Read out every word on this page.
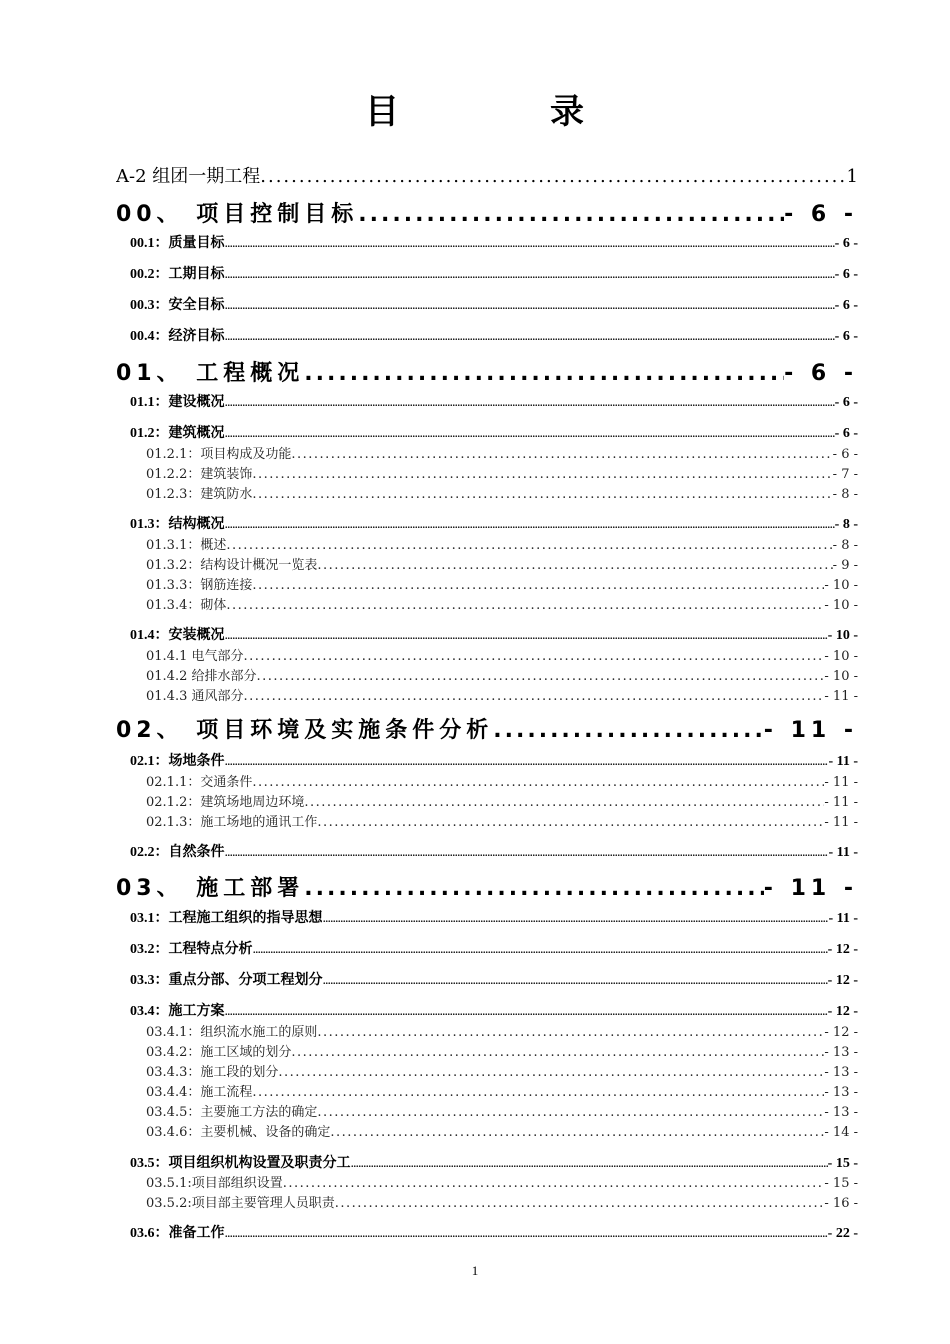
目	录
A-2 组团一期工程 .....	1
00、 项目控制目标 .....	- 6 -
00.1：质量目标 .....	- 6 -
00.2：工期目标 .....	- 6 -
00.3：安全目标 .....	- 6 -
00.4：经济目标 .....	- 6 -
01、 工程概况 .....	- 6 -
01.1：建设概况 .....	- 6 -
01.2：建筑概况 .....	- 6 -
01.2.1：项目构成及功能 .....	- 6 -
01.2.2：建筑装饰 .....	- 7 -
01.2.3：建筑防水 .....	- 8 -
01.3：结构概况 .....	- 8 -
01.3.1：概述 .....	- 8 -
01.3.2：结构设计概况一览表 .....	- 9 -
01.3.3：钢筋连接 .....	- 10 -
01.3.4：砌体 .....	- 10 -
01.4：安装概况 .....	- 10 -
01.4.1 电气部分 .....	- 10 -
01.4.2 给排水部分 .....	- 10 -
01.4.3 通风部分 .....	- 11 -
02、 项目环境及实施条件分析 .....	- 11 -
02.1：场地条件 .....	- 11 -
02.1.1：交通条件 .....	- 11 -
02.1.2：建筑场地周边环境 .....	- 11 -
02.1.3：施工场地的通讯工作 .....	- 11 -
02.2：自然条件 .....	- 11 -
03、 施工部署 .....	- 11 -
03.1：工程施工组织的指导思想 .....	- 11 -
03.2：工程特点分析 .....	- 12 -
03.3：重点分部、分项工程划分 .....	- 12 -
03.4：施工方案 .....	- 12 -
03.4.1：组织流水施工的原则 .....	- 12 -
03.4.2：施工区域的划分 .....	- 13 -
03.4.3：施工段的划分 .....	- 13 -
03.4.4：施工流程 .....	- 13 -
03.4.5：主要施工方法的确定 .....	- 13 -
03.4.6：主要机械、设备的确定 .....	- 14 -
03.5：项目组织机构设置及职责分工 .....	- 15 -
03.5.1:项目部组织设置 .....	- 15 -
03.5.2:项目部主要管理人员职责 .....	- 16 -
03.6：准备工作 .....	- 22 -
1
